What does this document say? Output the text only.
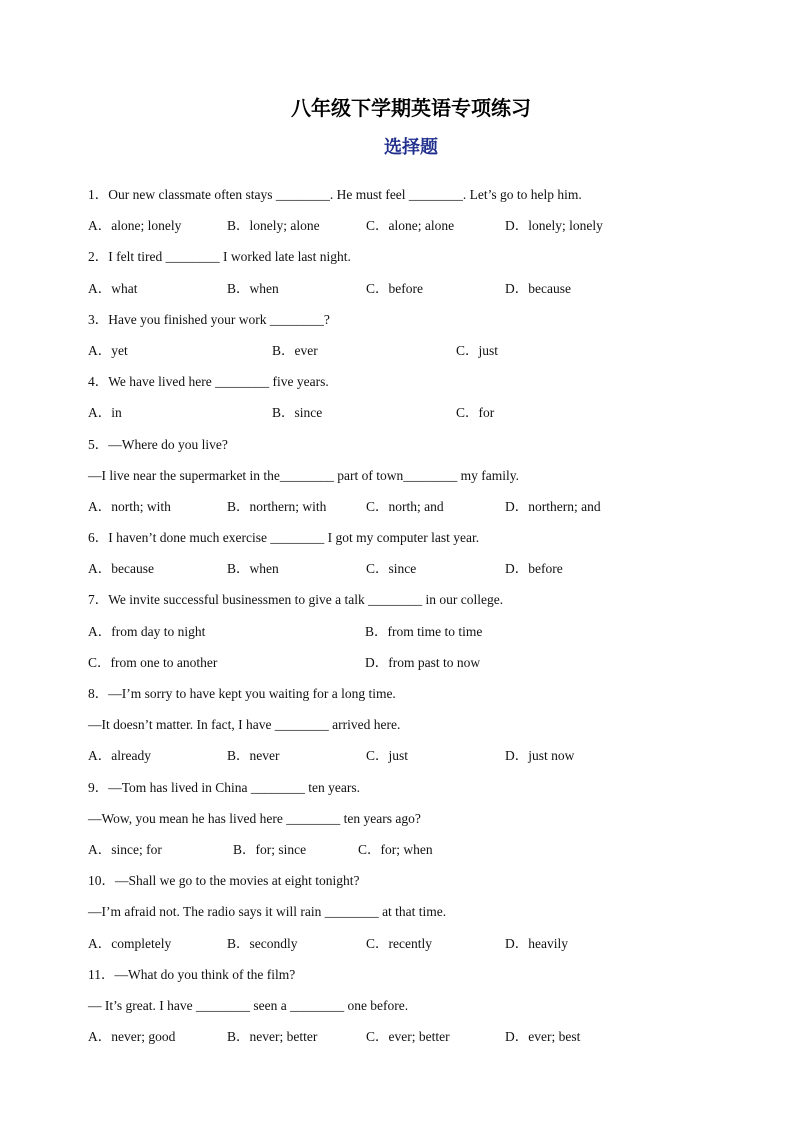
八年级下学期英语专项练习
选择题
1．Our new classmate often stays ________. He must feel ________. Let’s go to help him.
A．alone; lonely	B．lonely; alone	C．alone; alone	D．lonely; lonely
2．I felt tired ________ I worked late last night.
A．what	B．when	C．before	D．because
3．Have you finished your work ________?
A．yet	B．ever	C．just
4．We have lived here ________ five years.
A．in	B．since	C．for
5．—Where do you live?
—I live near the supermarket in the________ part of town________ my family.
A．north; with	B．northern; with	C．north; and	D．northern; and
6．I haven’t done much exercise ________ I got my computer last year.
A．because	B．when	C．since	D．before
7．We invite successful businessmen to give a talk ________ in our college.
A．from day to night	B．from time to time
C．from one to another	D．from past to now
8．—I’m sorry to have kept you waiting for a long time.
—It doesn’t matter. In fact, I have ________ arrived here.
A．already	B．never	C．just	D．just now
9．—Tom has lived in China ________ ten years.
—Wow, you mean he has lived here ________ ten years ago?
A．since; for	B．for; since	C．for; when
10．—Shall we go to the movies at eight tonight?
—I’m afraid not. The radio says it will rain ________ at that time.
A．completely	B．secondly	C．recently	D．heavily
11．—What do you think of the film?
— It’s great. I have ________ seen a ________ one before.
A．never; good	B．never; better	C．ever; better	D．ever; best
